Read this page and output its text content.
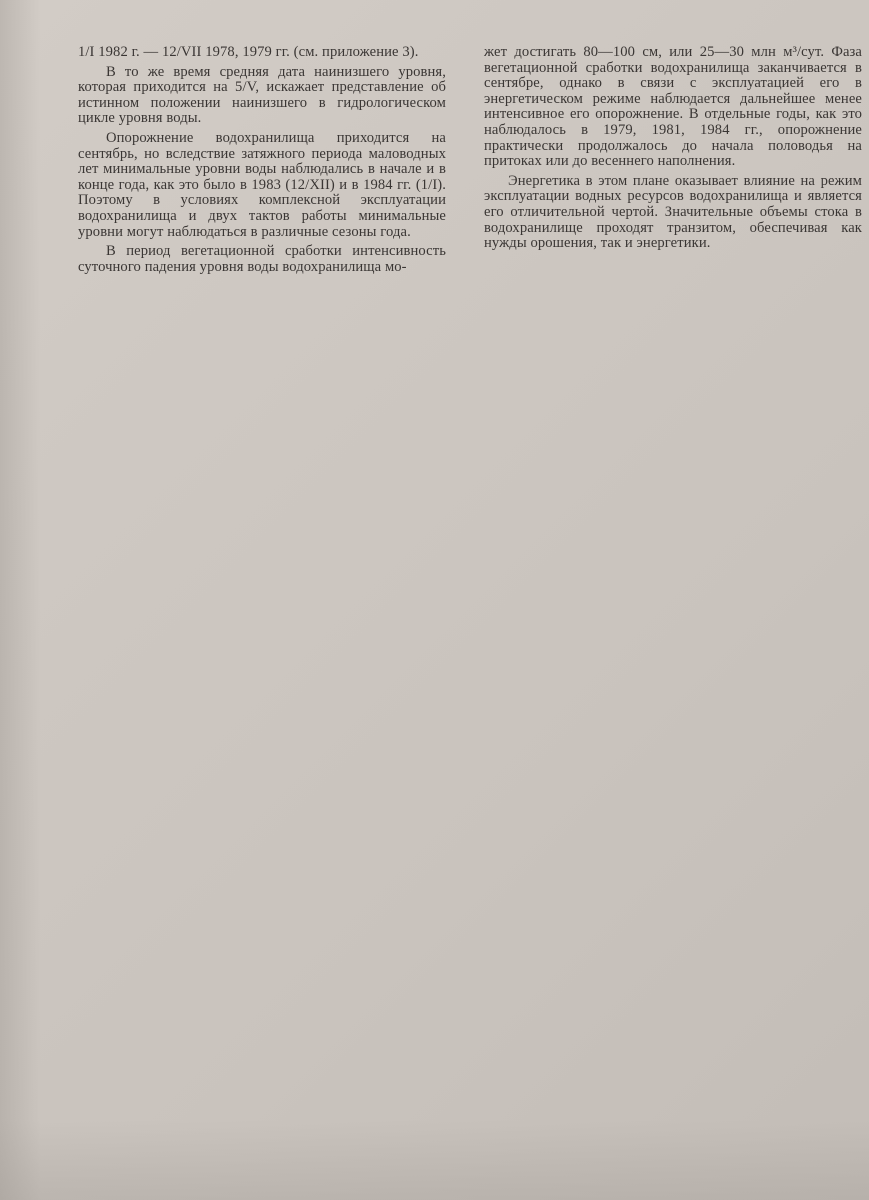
1/I 1982 г. — 12/VII 1978, 1979 гг. (см. приложение 3).

В то же время средняя дата наинизшего уровня, которая приходится на 5/V, искажает представление об истинном положении наинизшего в гидрологическом цикле уровня воды.

Опорожнение водохранилища приходится на сентябрь, но вследствие затяжного периода маловодных лет минимальные уровни воды наблюдались в начале и в конце года, как это было в 1983 (12/XII) и в 1984 гг. (1/I). Поэтому в условиях комплексной эксплуатации водохранилища и двух тактов работы минимальные уровни могут наблюдаться в различные сезоны года.

В период вегетационной сработки интенсивность суточного падения уровня воды водохранилища мо-

жет достигать 80—100 см, или 25—30 млн м³/сут. Фаза вегетационной сработки водохранилища заканчивается в сентябре, однако в связи с эксплуатацией его в энергетическом режиме наблюдается дальнейшее менее интенсивное его опорожнение. В отдельные годы, как это наблюдалось в 1979, 1981, 1984 гг., опорожнение практически продолжалось до начала половодья на притоках или до весеннего наполнения.

Энергетика в этом плане оказывает влияние на режим эксплуатации водных ресурсов водохранилища и является его отличительной чертой. Значительные объемы стока в водохранилище проходят транзитом, обеспечивая как нужды орошения, так и энергетики.
